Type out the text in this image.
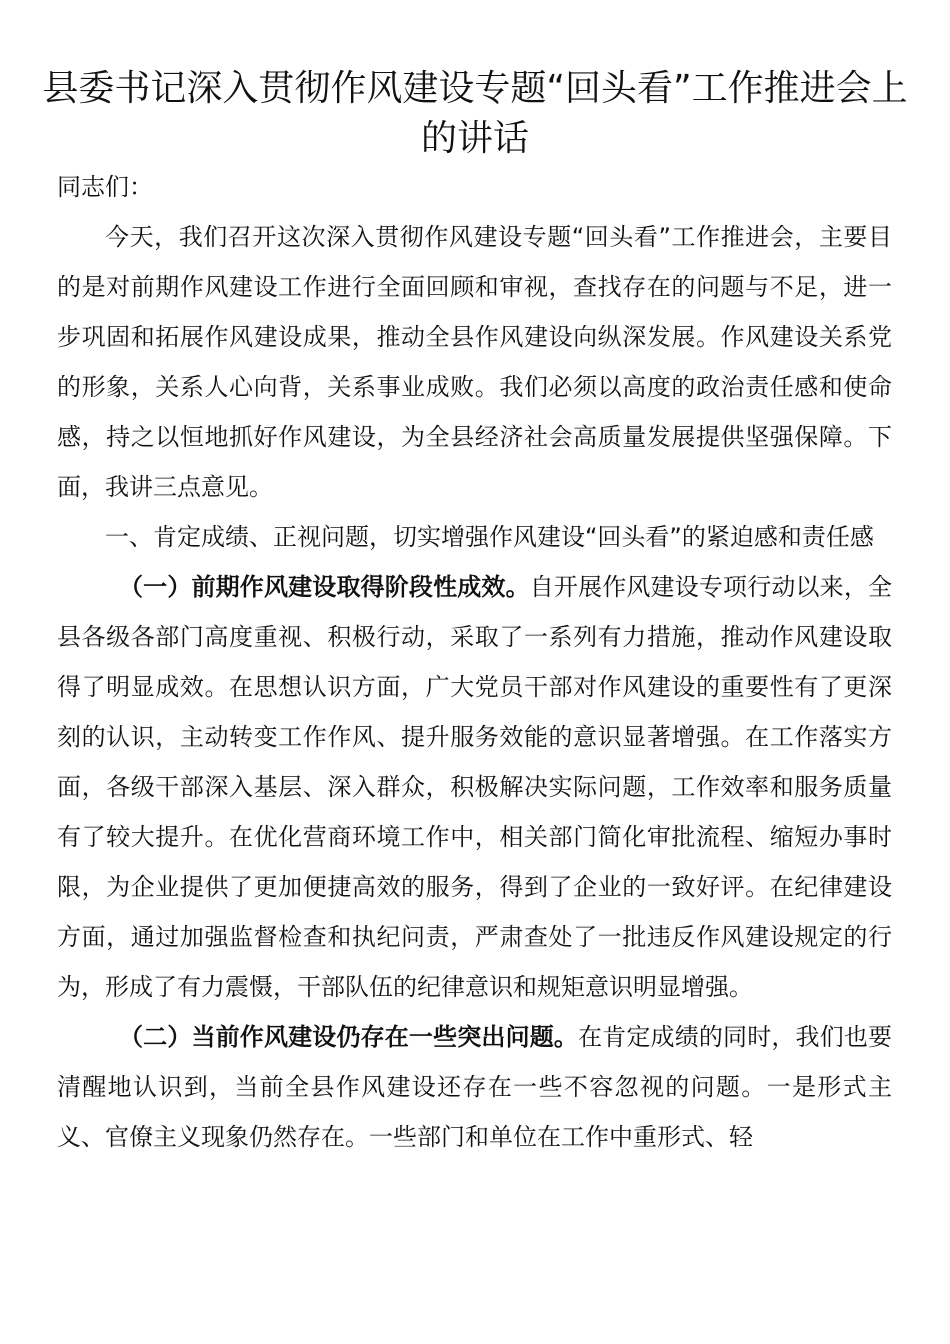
县委书记深入贯彻作风建设专题“回头看”工作推进会上的讲话

同志们：

今天，我们召开这次深入贯彻作风建设专题“回头看”工作推进会，主要目的是对前期作风建设工作进行全面回顾和审视，查找存在的问题与不足，进一步巩固和拓展作风建设成果，推动全县作风建设向纵深发展。作风建设关系党的形象，关系人心向背，关系事业成败。我们必须以高度的政治责任感和使命感，持之以恒地抓好作风建设，为全县经济社会高质量发展提供坚强保障。下面，我讲三点意见。

一、肯定成绩、正视问题，切实增强作风建设“回头看”的紧迫感和责任感

（一）前期作风建设取得阶段性成效。自开展作风建设专项行动以来，全县各级各部门高度重视、积极行动，采取了一系列有力措施，推动作风建设取得了明显成效。在思想认识方面，广大党员干部对作风建设的重要性有了更深刻的认识，主动转变工作作风、提升服务效能的意识显著增强。在工作落实方面，各级干部深入基层、深入群众，积极解决实际问题，工作效率和服务质量有了较大提升。在优化营商环境工作中，相关部门简化审批流程、缩短办事时限，为企业提供了更加便捷高效的服务，得到了企业的一致好评。在纪律建设方面，通过加强监督检查和执纪问责，严肃查处了一批违反作风建设规定的行为，形成了有力震慑，干部队伍的纪律意识和规矩意识明显增强。

（二）当前作风建设仍存在一些突出问题。在肯定成绩的同时，我们也要清醒地认识到，当前全县作风建设还存在一些不容忽视的问题。一是形式主义、官僚主义现象仍然存在。一些部门和单位在工作中重形式、轻
